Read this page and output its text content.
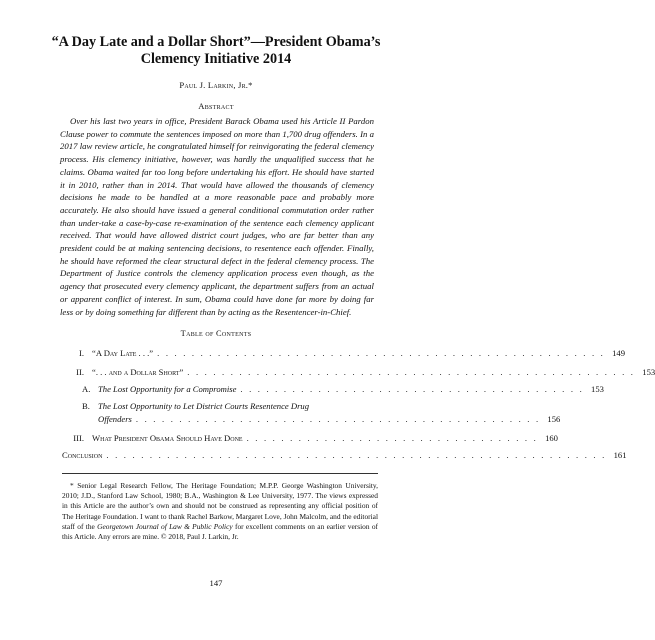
“A Day Late and a Dollar Short”—President Obama’s Clemency Initiative 2014
Paul J. Larkin, Jr.*
Abstract

Over his last two years in office, President Barack Obama used his Article II Pardon Clause power to commute the sentences imposed on more than 1,700 drug offenders. In a 2017 law review article, he congratulated himself for reinvigorating the federal clemency process. His clemency initiative, however, was hardly the unqualified success that he claims. Obama waited far too long before undertaking his effort. He should have started it in 2010, rather than in 2014. That would have allowed the thousands of clemency decisions he made to be handled at a more reasonable pace and probably more accurately. He also should have issued a general conditional commutation order rather than under-take a case-by-case re-examination of the sentence each clemency applicant received. That would have allowed district court judges, who are far better than any president could be at making sentencing decisions, to resentence each offender. Finally, he should have reformed the clear structural defect in the federal clemency process. The Department of Justice controls the clemency application process even though, as the agency that prosecuted every clemency applicant, the department suffers from an actual or apparent conflict of interest. In sum, Obama could have done far more by doing far less or by doing something far different than by acting as the Resentencer-in-Chief.

Table of Contents
I. “A Day Late . . .” . . . . . . . . . . . . . . . . . . . . . . . . . . . . . . . . . . . . . . . . . . . . . . . . . . . . 149
II. “. . . and a Dollar Short” . . . . . . . . . . . . . . . . . . . . . . . . . . . . . . . . . . . . . . . . . . . . . . . . . . . . 153
A. The Lost Opportunity for a Compromise . . . . . . . . . . . . . . . . . . . . . . . . . . . . . . . . . . . . . . . . 153
B. The Lost Opportunity to Let District Courts Resentence Drug
Offenders . . . . . . . . . . . . . . . . . . . . . . . . . . . . . . . . . . . . . . . . . . . . . . . 156
III. What President Obama Should Have Done . . . . . . . . . . . . . . . . . . . . . . . . . . . . . . . . . . 160
Conclusion . . . . . . . . . . . . . . . . . . . . . . . . . . . . . . . . . . . . . . . . . . . . . . . . . . . . . . . . . . 161

* Senior Legal Research Fellow, The Heritage Foundation; M.P.P. George Washington University, 2010; J.D., Stanford Law School, 1980; B.A., Washington & Lee University, 1977. The views expressed in this Article are the author’s own and should not be construed as representing any official position of The Heritage Foundation. I want to thank Rachel Barkow, Margaret Love, John Malcolm, and the editorial staff of the Georgetown Journal of Law & Public Policy for excellent comments on an earlier version of this Article. Any errors are mine. © 2018, Paul J. Larkin, Jr.

147
